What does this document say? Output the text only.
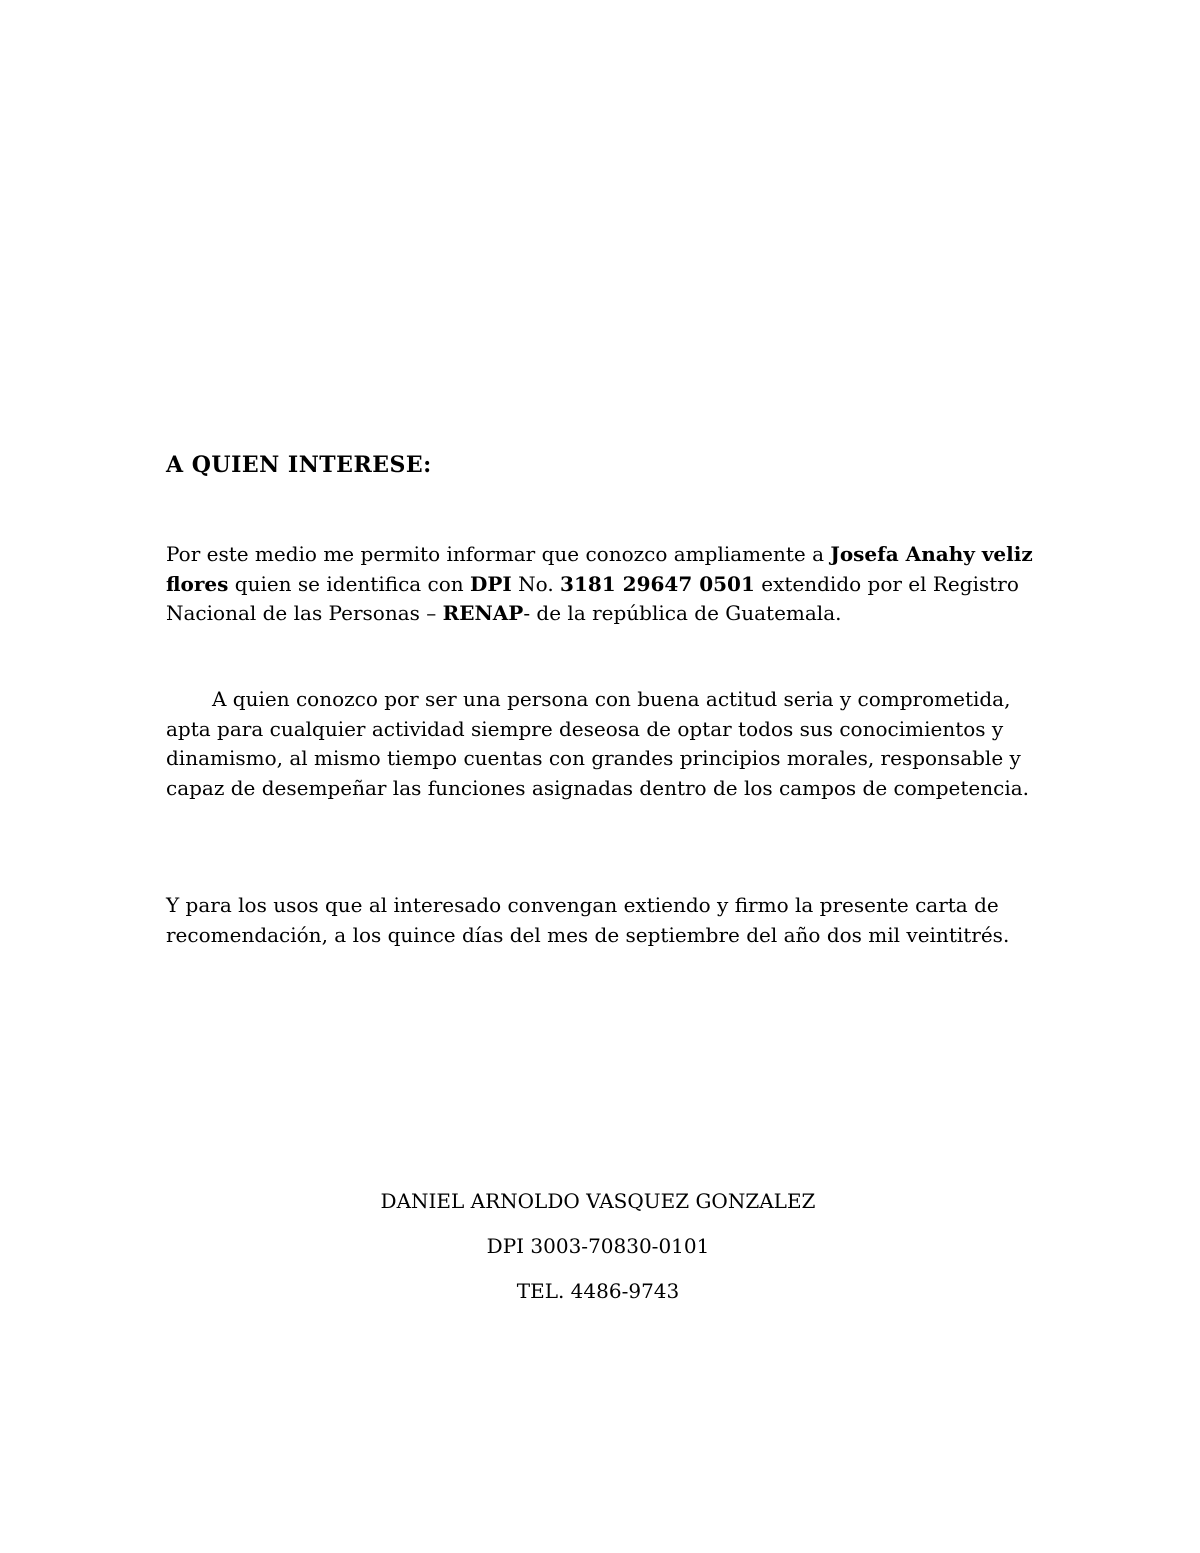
A QUIEN INTERESE:

Por este medio me permito informar que conozco ampliamente a Josefa Anahy veliz flores quien se identifica con DPI No. 3181 29647 0501 extendido por el Registro Nacional de las Personas – RENAP- de la república de Guatemala.

A quien conozco por ser una persona con buena actitud seria y comprometida, apta para cualquier actividad siempre deseosa de optar todos sus conocimientos y dinamismo, al mismo tiempo cuentas con grandes principios morales, responsable y capaz de desempeñar las funciones asignadas dentro de los campos de competencia.

Y para los usos que al interesado convengan extiendo y firmo la presente carta de recomendación, a los quince días del mes de septiembre del año dos mil veintitrés.

DANIEL ARNOLDO VASQUEZ GONZALEZ

DPI 3003-70830-0101

TEL. 4486-9743
